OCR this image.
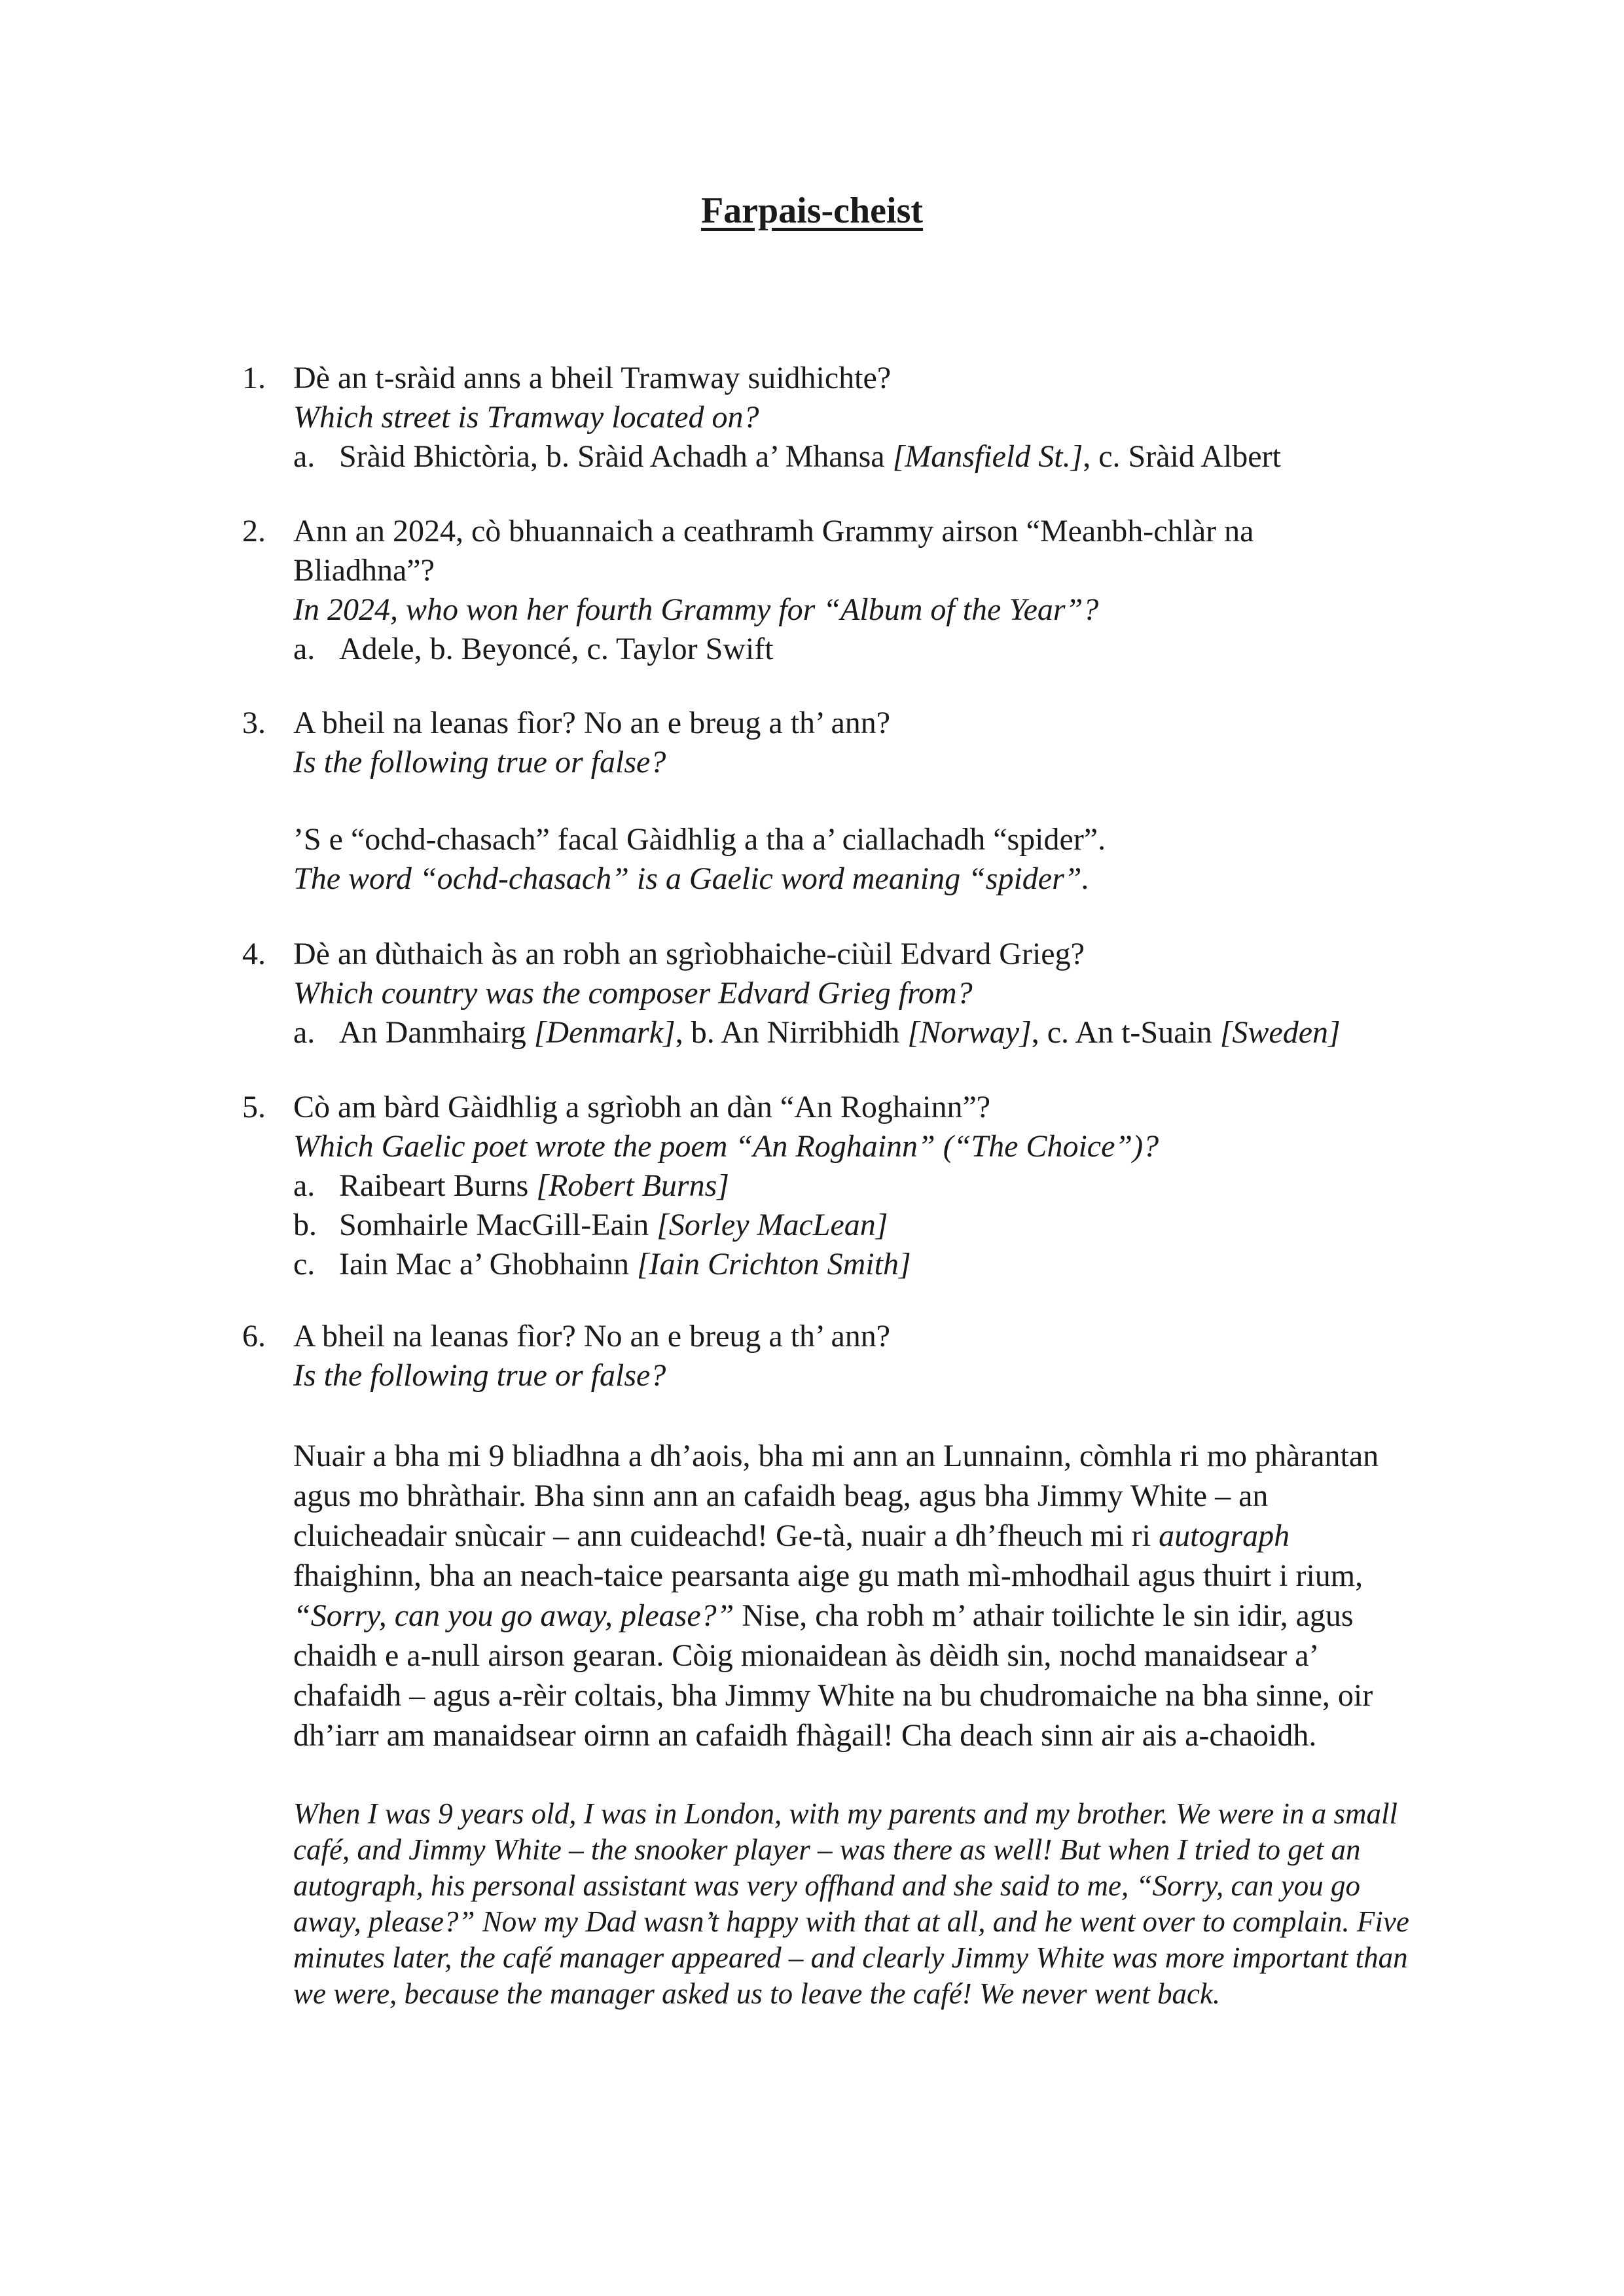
Farpais-cheist
1. Dè an t-sràid anns a bheil Tramway suidhichte?
Which street is Tramway located on?
a. Sràid Bhictòria, b. Sràid Achadh a’ Mhansa [Mansfield St.], c. Sràid Albert
2. Ann an 2024, cò bhuannaich a ceathramh Grammy airson “Meanbh-chlàr na
Bliadhna”?
In 2024, who won her fourth Grammy for “Album of the Year”?
a. Adele, b. Beyoncé, c. Taylor Swift
3. A bheil na leanas fìor? No an e breug a th’ ann?
Is the following true or false?
’S e “ochd-chasach” facal Gàidhlig a tha a’ ciallachadh “spider”.
The word “ochd-chasach” is a Gaelic word meaning “spider”.
4. Dè an dùthaich às an robh an sgrìobhaiche-ciùil Edvard Grieg?
Which country was the composer Edvard Grieg from?
a. An Danmhairg [Denmark], b. An Nirribhidh [Norway], c. An t-Suain [Sweden]
5. Cò am bàrd Gàidhlig a sgrìobh an dàn “An Roghainn”?
Which Gaelic poet wrote the poem “An Roghainn” (“The Choice”)?
a. Raibeart Burns [Robert Burns]
b. Somhairle MacGill-Eain [Sorley MacLean]
c. Iain Mac a’ Ghobhainn [Iain Crichton Smith]
6. A bheil na leanas fìor? No an e breug a th’ ann?
Is the following true or false?
Nuair a bha mi 9 bliadhna a dh’aois, bha mi ann an Lunnainn, còmhla ri mo phàrantan agus mo bhràthair. Bha sinn ann an cafaidh beag, agus bha Jimmy White – an cluicheadair snùcair – ann cuideachd! Ge-tà, nuair a dh’fheuch mi ri autograph fhaighinn, bha an neach-taice pearsanta aige gu math mì-mhodhail agus thuirt i rium, “Sorry, can you go away, please?” Nise, cha robh m’ athair toilichte le sin idir, agus chaidh e a-null airson gearan. Còig mionaidean às dèidh sin, nochd manaidsear a’ chafaidh – agus a-rèir coltais, bha Jimmy White na bu chudromaiche na bha sinne, oir dh’iarr am manaidsear oirnn an cafaidh fhàgail! Cha deach sinn air ais a-chaoidh.
When I was 9 years old, I was in London, with my parents and my brother. We were in a small café, and Jimmy White – the snooker player – was there as well! But when I tried to get an autograph, his personal assistant was very offhand and she said to me, “Sorry, can you go away, please?” Now my Dad wasn’t happy with that at all, and he went over to complain. Five minutes later, the café manager appeared – and clearly Jimmy White was more important than we were, because the manager asked us to leave the café! We never went back.
